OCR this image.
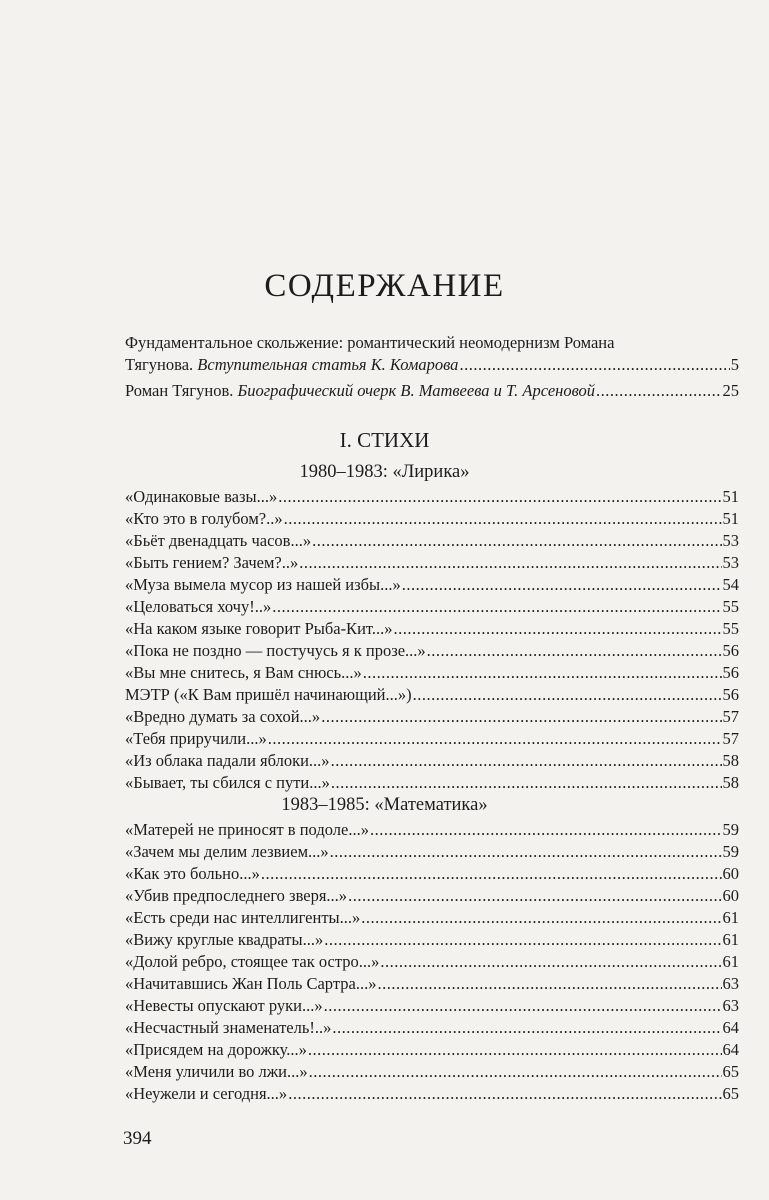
СОДЕРЖАНИЕ
Фундаментальное скольжение: романтический неомодернизм Романа
Тягунова. Вступительная статья К. Комарова .....	5
Роман Тягунов. Биографический очерк В. Матвеева и Т. Арсеновой .....	25
I. СТИХИ
1980–1983: «Лирика»
«Одинаковые вазы...» .....	51
«Кто это в голубом?..» .....	51
«Бьёт двенадцать часов...» .....	53
«Быть гением? Зачем?..» .....	53
«Муза вымела мусор из нашей избы...» .....	54
«Целоваться хочу!..» .....	55
«На каком языке говорит Рыба-Кит...» .....	55
«Пока не поздно — постучусь я к прозе...» .....	56
«Вы мне снитесь, я Вам снюсь...» .....	56
МЭТР («К Вам пришёл начинающий...») .....	56
«Вредно думать за сохой...» .....	57
«Тебя приручили...» .....	57
«Из облака падали яблоки...» .....	58
«Бывает, ты сбился с пути...» .....	58
1983–1985: «Математика»
«Матерей не приносят в подоле...» .....	59
«Зачем мы делим лезвием...» .....	59
«Как это больно...» .....	60
«Убив предпоследнего зверя...» .....	60
«Есть среди нас интеллигенты...» .....	61
«Вижу круглые квадраты...» .....	61
«Долой ребро, стоящее так остро...» .....	61
«Начитавшись Жан Поль Сартра...» .....	63
«Невесты опускают руки...» .....	63
«Несчастный знаменатель!..» .....	64
«Присядем на дорожку...» .....	64
«Меня уличили во лжи...» .....	65
«Неужели и сегодня...» .....	65
394
